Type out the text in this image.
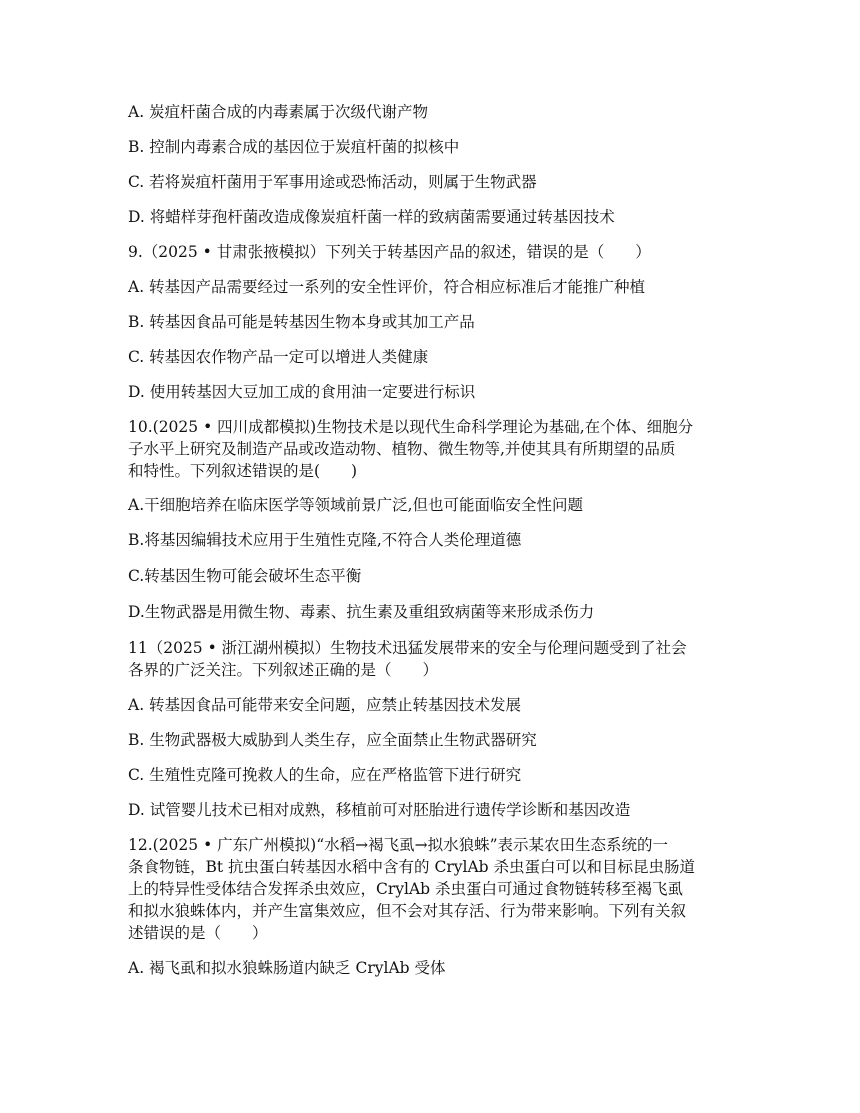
A. 炭疽杆菌合成的内毒素属于次级代谢产物
B. 控制内毒素合成的基因位于炭疽杆菌的拟核中
C. 若将炭疽杆菌用于军事用途或恐怖活动，则属于生物武器
D. 将蜡样芽孢杆菌改造成像炭疽杆菌一样的致病菌需要通过转基因技术
9.（2025 • 甘肃张掖模拟）下列关于转基因产品的叙述，错误的是（　　）
A. 转基因产品需要经过一系列的安全性评价，符合相应标准后才能推广种植
B. 转基因食品可能是转基因生物本身或其加工产品
C. 转基因农作物产品一定可以增进人类健康
D. 使用转基因大豆加工成的食用油一定要进行标识
10.(2025 • 四川成都模拟)生物技术是以现代生命科学理论为基础,在个体、细胞分
子水平上研究及制造产品或改造动物、植物、微生物等,并使其具有所期望的品质
和特性。下列叙述错误的是(　　)
A.干细胞培养在临床医学等领域前景广泛,但也可能面临安全性问题
B.将基因编辑技术应用于生殖性克隆,不符合人类伦理道德
C.转基因生物可能会破坏生态平衡
D.生物武器是用微生物、毒素、抗生素及重组致病菌等来形成杀伤力
11（2025 • 浙江湖州模拟）生物技术迅猛发展带来的安全与伦理问题受到了社会
各界的广泛关注。下列叙述正确的是（　　）
A. 转基因食品可能带来安全问题，应禁止转基因技术发展
B. 生物武器极大威胁到人类生存，应全面禁止生物武器研究
C. 生殖性克隆可挽救人的生命，应在严格监管下进行研究
D. 试管婴儿技术已相对成熟，移植前可对胚胎进行遗传学诊断和基因改造
12.(2025 • 广东广州模拟)“水稻→褐飞虱→拟水狼蛛”表示某农田生态系统的一
条食物链，Bt 抗虫蛋白转基因水稻中含有的 CrylAb 杀虫蛋白可以和目标昆虫肠道
上的特异性受体结合发挥杀虫效应，CrylAb 杀虫蛋白可通过食物链转移至褐飞虱
和拟水狼蛛体内，并产生富集效应，但不会对其存活、行为带来影响。下列有关叙
述错误的是（　　）
A. 褐飞虱和拟水狼蛛肠道内缺乏 CrylAb 受体
